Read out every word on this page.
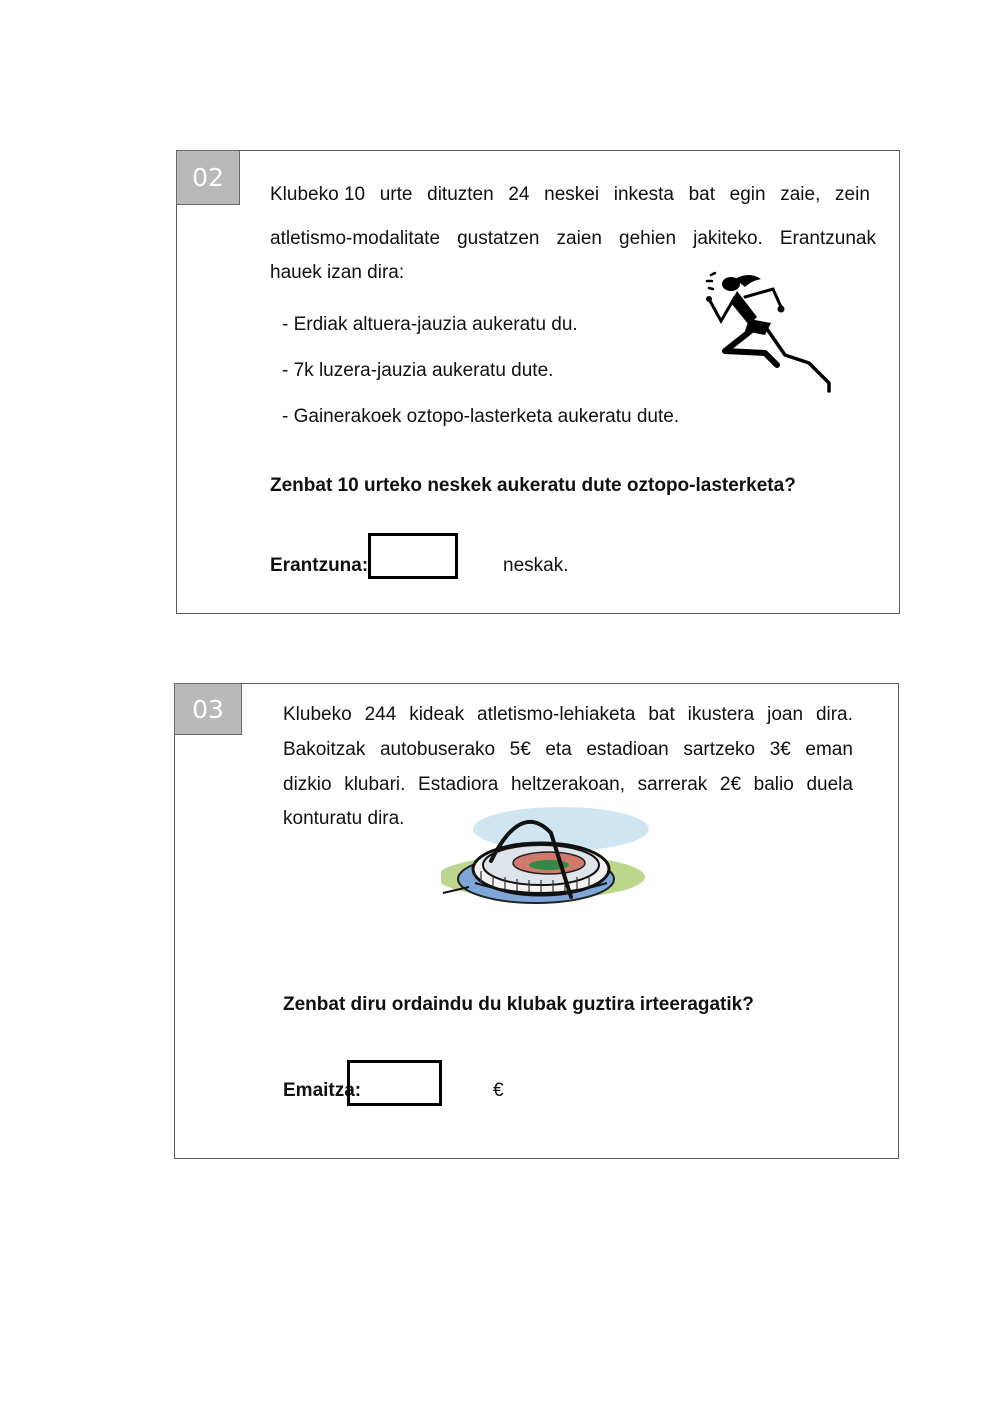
02
Klubeko 10 urte dituzten 24 neskei inkesta bat egin zaie, zein
atletismo-modalitate gustatzen zaien gehien jakiteko. Erantzunak
hauek izan dira:
- Erdiak altuera-jauzia aukeratu du.
- 7k luzera-jauzia aukeratu dute.
- Gainerakoek oztopo-lasterketa aukeratu dute.
Zenbat 10 urteko neskek aukeratu dute oztopo-lasterketa?
Erantzuna:	neskak.
03	Klubeko 244 kideak atletismo-lehiaketa bat ikustera joan dira.
Bakoitzak autobuserako 5€ eta estadioan sartzeko 3€ eman
dizkio klubari. Estadiora heltzerakoan, sarrerak 2€ balio duela
konturatu dira.
Zenbat diru ordaindu du klubak guztira irteeragatik?
Emaitza:	€
